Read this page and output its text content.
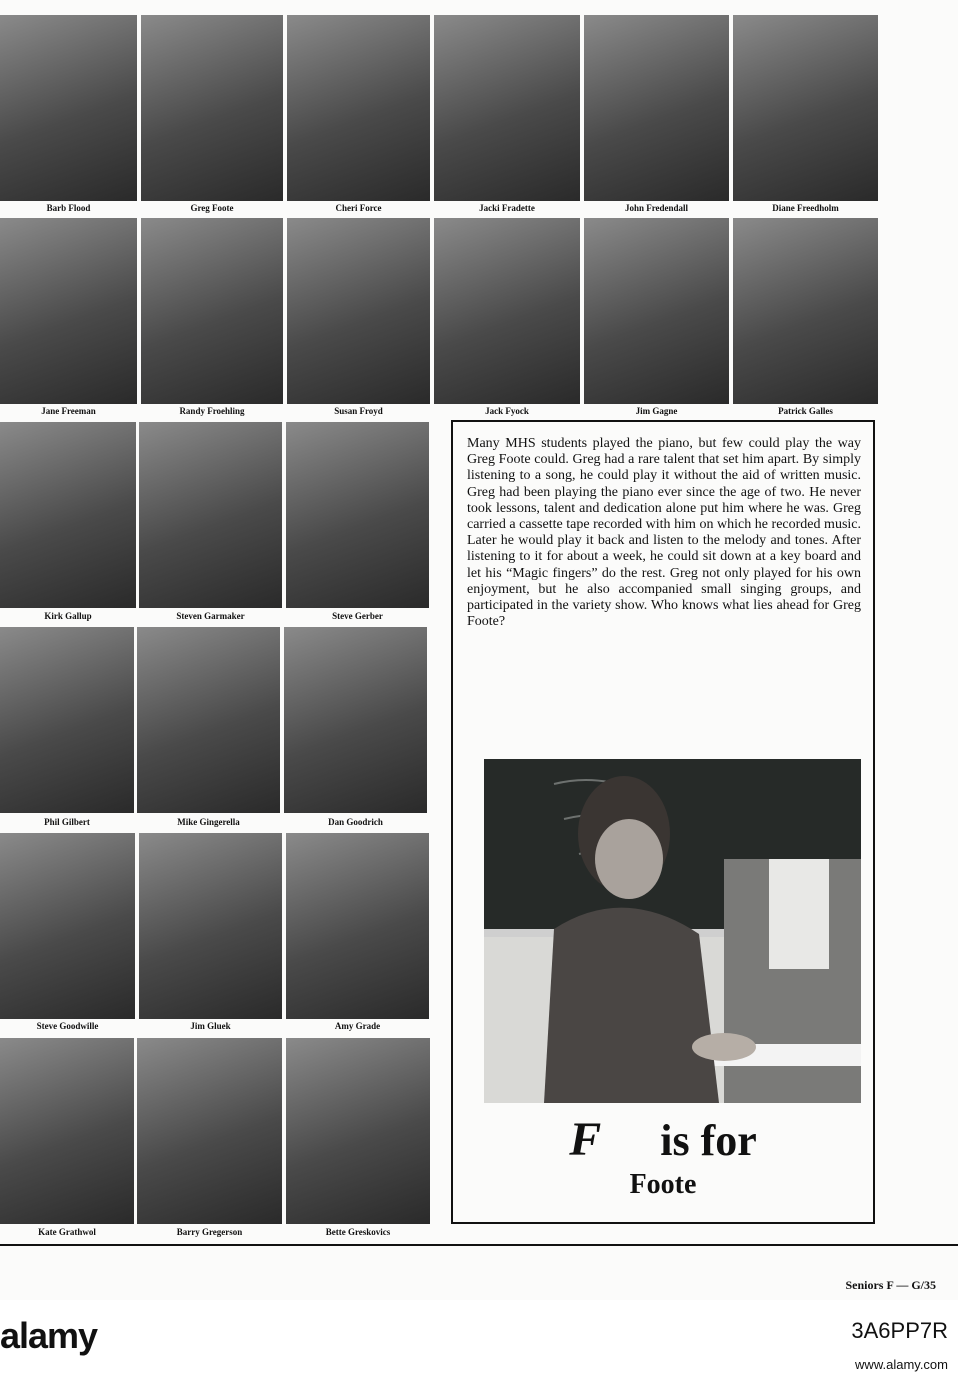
Barb Flood	Greg Foote	Cheri Force	Jacki Fradette	John Fredendall	Diane Freedholm
Jane Freeman	Randy Froehling	Susan Froyd	Jack Fyock	Jim Gagne	Patrick Galles
Kirk Gallup	Steven Garmaker	Steve Gerber
Phil Gilbert	Mike Gingerella	Dan Goodrich
Steve Goodwille	Jim Gluek	Amy Grade
Kate Grathwol	Barry Gregerson	Bette Greskovics
Many MHS students played the piano, but few could play the way Greg Foote could. Greg had a rare talent that set him apart. By simply listening to a song, he could play it without the aid of written music. Greg had been playing the piano ever since the age of two. He never took lessons, talent and dedication alone put him where he was. Greg carried a cassette tape recorded with him on which he recorded music. Later he would play it back and listen to the melody and tones. After listening to it for about a week, he could sit down at a key board and let his “Magic fingers” do the rest. Greg not only played for his own enjoyment, but he also accompanied small singing groups, and participated in the variety show. Who knows what lies ahead for Greg Foote?
F is for
Foote
Seniors F — G/35
alamy	3A6PP7R
www.alamy.com
